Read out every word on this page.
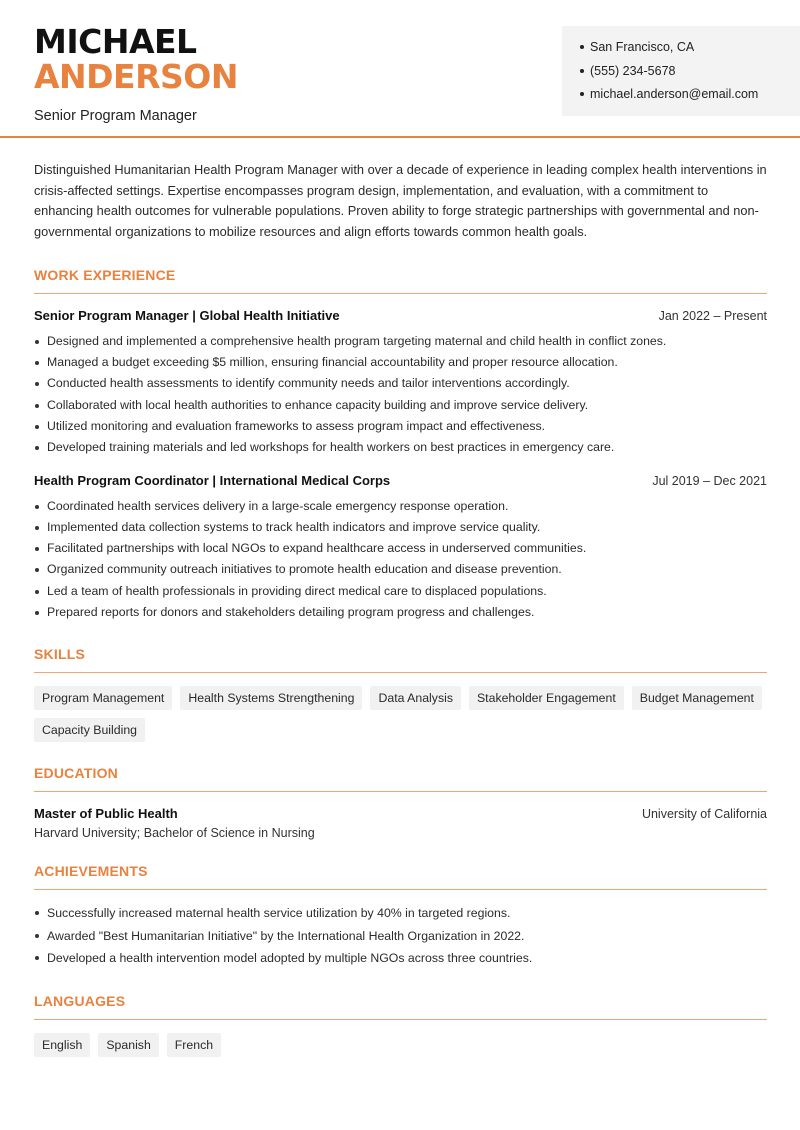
MICHAEL
ANDERSON
Senior Program Manager
San Francisco, CA
(555) 234-5678
michael.anderson@email.com

Distinguished Humanitarian Health Program Manager with over a decade of experience in leading complex health interventions in crisis-affected settings. Expertise encompasses program design, implementation, and evaluation, with a commitment to enhancing health outcomes for vulnerable populations. Proven ability to forge strategic partnerships with governmental and non-governmental organizations to mobilize resources and align efforts towards common health goals.

WORK EXPERIENCE
Senior Program Manager | Global Health Initiative	Jan 2022 – Present
Designed and implemented a comprehensive health program targeting maternal and child health in conflict zones.
Managed a budget exceeding $5 million, ensuring financial accountability and proper resource allocation.
Conducted health assessments to identify community needs and tailor interventions accordingly.
Collaborated with local health authorities to enhance capacity building and improve service delivery.
Utilized monitoring and evaluation frameworks to assess program impact and effectiveness.
Developed training materials and led workshops for health workers on best practices in emergency care.
Health Program Coordinator | International Medical Corps	Jul 2019 – Dec 2021
Coordinated health services delivery in a large-scale emergency response operation.
Implemented data collection systems to track health indicators and improve service quality.
Facilitated partnerships with local NGOs to expand healthcare access in underserved communities.
Organized community outreach initiatives to promote health education and disease prevention.
Led a team of health professionals in providing direct medical care to displaced populations.
Prepared reports for donors and stakeholders detailing program progress and challenges.
SKILLS
Program Management	Health Systems Strengthening	Data Analysis	Stakeholder Engagement	Budget Management
Capacity Building
EDUCATION
Master of Public Health	University of California
Harvard University; Bachelor of Science in Nursing
ACHIEVEMENTS
Successfully increased maternal health service utilization by 40% in targeted regions.
Awarded "Best Humanitarian Initiative" by the International Health Organization in 2022.
Developed a health intervention model adopted by multiple NGOs across three countries.
LANGUAGES
English	Spanish	French
